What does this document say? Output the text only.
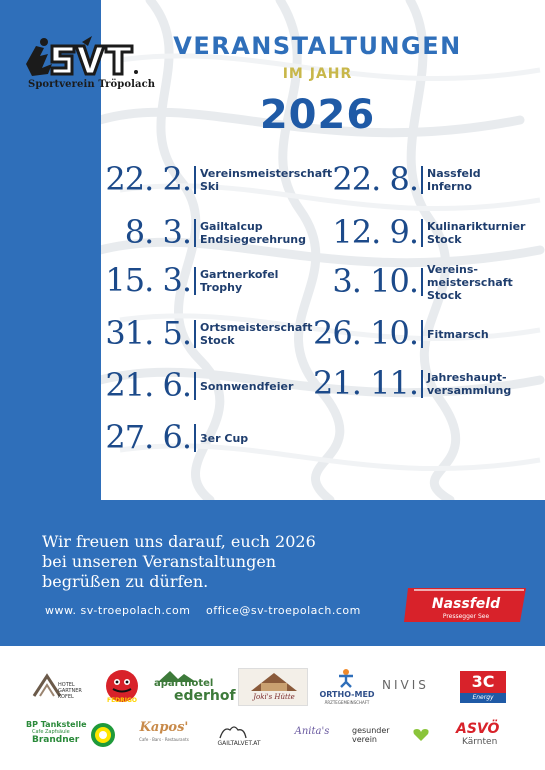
Sportverein Tröpolach
VERANSTALTUNGEN
IM JAHR
2026
22. 2. Vereinsmeisterschaft
Ski
8. 3. Gailtalcup
Endsiegerehrung
15. 3. Gartnerkofel
Trophy
31. 5. Ortsmeisterschaft
Stock
21. 6. Sonnwendfeier
27. 6. 3er Cup
22. 8. Nassfeld
Inferno
12. 9. Kulinarikturnier
Stock
3. 10. Vereins-
meisterschaft
Stock
26. 10. Fitmarsch
21. 11. Jahreshaupt-
versammlung
Wir freuen uns darauf, euch 2026
bei unseren Veranstaltungen
begrüßen zu dürfen.
www. sv-troepolach.com office@sv-troepolach.com	Nassfeld
Pressegger See
HOTEL
GARTNER
KOFEL	FEDRIGO
aparthotel
ederhof	Joki's Hütte	ORTHO-MED
ÄRZTEGEMEINSCHAFT
NIVIS	3C
Energy
BP Tankstelle
Cafe Zapfsäule
Brandner
Kapos'
Cafe · Bars · Restaurants
GAILTALVET.AT
Anita's	gesunder
verein
ASVÖ
Kärnten
